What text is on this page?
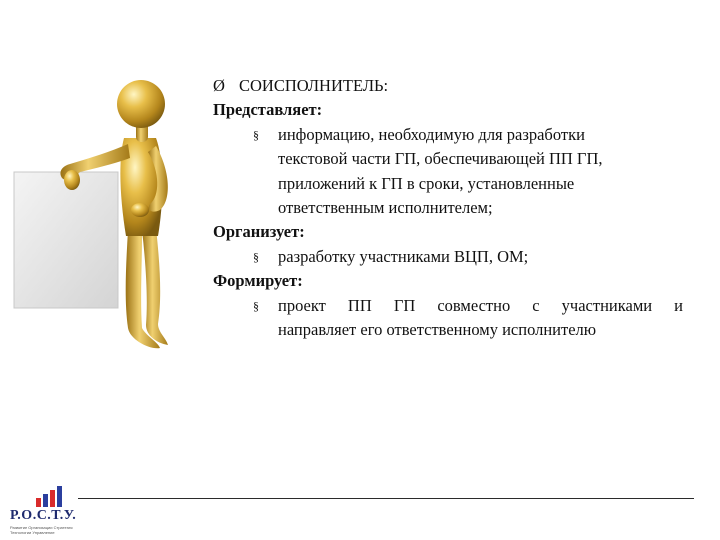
Ø СОИСПОЛНИТЕЛЬ:
Представляет:
§ информацию, необходимую для разработки
текстовой части ГП, обеспечивающей ПП ГП,
приложений к ГП в сроки, установленные
ответственным исполнителем;
Организует:
§ разработку участниками ВЦП, ОМ;
Формирует:
§ проект ПП ГП совместно с участниками и
направляет его ответственному исполнителю
Р.О.С.Т.У.
Развитие Организации Стратегия Технологии Управление
